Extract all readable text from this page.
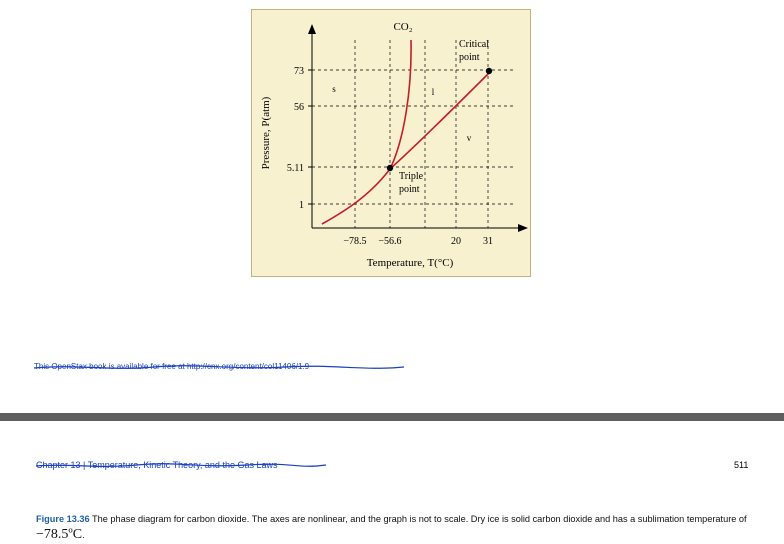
CO₂
73
56
5.11
1
−78.5 −56.6	20 31
Temperature, T(°C)
Pressure, P(atm)
s	l
v
Critical
point
Triple
point
This OpenStax book is available for free at http://cnx.org/content/col11406/1.9
Chapter 13 | Temperature, Kinetic Theory, and the Gas Laws	511
Figure 13.36 The phase diagram for carbon dioxide. The axes are nonlinear, and the graph is not to scale. Dry ice is solid carbon dioxide and has a sublimation temperature of −78.5ºC.
